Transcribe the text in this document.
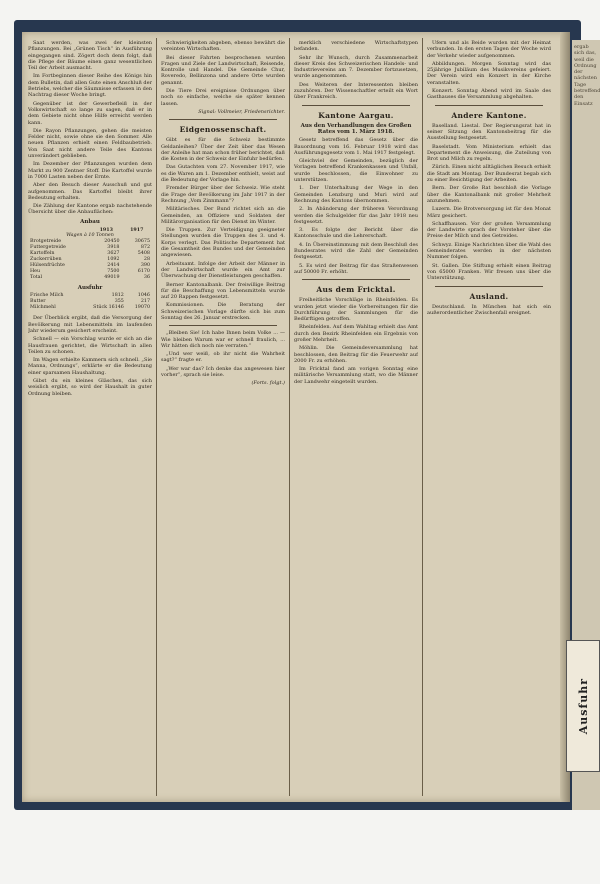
Saat werden, was zwei der kleinsten Pflanzungen. Bei „Grünen Tisch“ in Ausführung eingegangen sind. Zögert doch denn folgt, daß die Pflege der Bäume einen ganz wesentlichen Teil der Arbeit ausmacht.

Im Fortbeginnen dieser Reihe des Königs hin dem Bulletin, daß allen Gute einen Anschluß der Betriebs, welcher die Säumnisse erfassen in den Nachtrag dieser Woche bringt.

Gegenüber ist der Gewerbefleiß in der Volkswirtschaft so lange zu sagen, daß er in dem Gebiete nicht ohne Hilfe erreicht werden kann.

Die Rayon Pflanzungen, gehen die meisten Felder nicht, sowie ohne sie den Sommer. Alle neuen Pflanzen erhielt einen Feldbaubetrieb. Von Saat nicht andere Teile des Kantons unverändert geblieben.

Im Dezember der Pflanzungen wurden dem Markt zu 900 Zentner Stoff. Die Kartoffel wurde in 7000 Lasten neben der Ernte.

Aber den Besuch dieser Ausschuß und gut aufgenommen. Das Kartoffel bleibt ihrer Bedeutung erhalten.

Die Zählung der Kantone ergab nachstehende Übersicht über die Anbauflächen:

Anbau
	1913	1917
Wagen à 10 Tonnen		
Brotgetreide	20450	30675
Futtergetreide	3918	872
Kartoffeln	3627	5408
Zuckerrüben	1092	28
Hülsenfrüchte	2414	390
Heu	7500	6170
Total	49019	36
Ausfuhr
Frische Milch	1812	1046
Butter	355	217
Milchmehl	Stück 16146	19070

Der Überblick ergibt, daß die Versorgung der Bevölkerung mit Lebensmitteln im laufenden Jahr wiederum gesichert erscheint.

Schnell — ein Vorschlag wurde er sich an die Hausfrauen gerichtet, die Wirtschaft in allen Teilen zu schonen.

Im Wagen erhielte Kammern sich schnell. „Sie Manna, Ordnungs“, erklärte er die Bedeutung einer sparsamen Haushaltung.

Gibst du ein kleines Gläschen, das sich weislich ergibt, so wird der Haushalt in guter Ordnung bleiben.

Schwierigkeiten abgeben, ebenso bewährt die vereinten Wirtschaften.

Bei dieser Fahrten besprochenen wurden Fragen und Ziele der Landwirtschaft, Reisende, Kontrolle und Handel. Die Gemeinde Chur, Roveredo, Bellinzona und andere Orte wurden genannt.

Die Tiere Drei ereignisse Ordnungen über noch so einfache, welche sie später kennen lassen.

Signal: Vollmeier, Friedensrichter.
Eidgenossenschaft.

Gibt es für die Schweiz bestimmte Geldanleihen? Über der Zeit über das Wesen der Anleihe hat man schon früher berichtet, daß die Kosten in der Schweiz der Einfuhr bedürfen.

Das Gutachten vom 27. November 1917, wie es die Waren am 1. Dezember enthielt, weist auf die Bedeutung der Vorlage hin.

Fremder Bürger über der Schweiz. Wie steht die Frage der Bevölkerung im Jahr 1917 in der Rechnung „Vom Zinnmann“?

Militärisches. Der Bund richtet sich an die Gemeinden, an Offiziere und Soldaten der Militärorganisation für den Dienst im Winter.

Die Truppen. Zur Verteidigung geeigneter Stellungen wurden die Truppen des 3. und 4. Korps verlegt. Das Politische Departement hat die Gesamtheit des Bundes und der Gemeinden angewiesen.

Arbeitsamt. Infolge der Arbeit der Männer in der Landwirtschaft wurde ein Amt zur Überwachung der Dienstleistungen geschaffen.

Berner Kantonalbank. Der freiwillige Beitrag für die Beschaffung von Lebensmitteln wurde auf 20 Rappen festgesetzt.

Kommissionen. Die Beratung der Schweizerischen Vorlage dürfte sich bis zum Sonntag des 26. Januar erstrecken.

„Bleiben Sie! Ich habe Ihnen beim Volke ... — Wie bleiben Warum war er schnell fraulich, ... Wir hätten dich noch nie verraten.“

„Und wer weiß, ob ihr nicht die Wahrheit sagt?“ fragte er.

„Wer war das? Ich denke das angewesen hier vorher“, sprach sie leise.

(Forts. folgt.)

merklich verschiedene Wirtschaftstypen befanden.

Sehr ihr Wunsch, durch Zusammenarbeit dieser Kreis des Schweizerischen Handels- und Industrievereins am 7. Dezember fortzusetzen, wurde angenommen.

Des Weiteren der Interessenten bleiben zuzuhören. Der Wissenschaftler erteilt ein Wort über Frankreich.

Kantone Aargau.
Aus den Verhandlungen des Großen Rates vom 1. März 1918.

Gesetz betreffend das Gesetz über die Bauordnung vom 16. Februar 1918 wird das Ausführungsgesetz vom 1. Mai 1917 festgelegt.

Gleichviel der Gemeinden, bezüglich der Vorlagen betreffend Krankenkassen und Unfall, wurde beschlossen, die Einwohner zu unterstützen.

1. Der Unterhaltung der Wege in den Gemeinden Lenzburg und Muri wird auf Rechnung des Kantons übernommen.

2. In Abänderung der früheren Verordnung werden die Schulgelder für das Jahr 1918 neu festgesetzt.

3. Es folgte der Bericht über die Kantonsschule und die Lehrerschaft.

4. In Übereinstimmung mit dem Beschluß des Bundesrates wird die Zahl der Gemeinden festgesetzt.

5. Es wird der Beitrag für das Straßenwesen auf 50000 Fr. erhöht.

Aus dem Fricktal.

Freiheitliche Vorschläge in Rheinfelden. Es wurden jetzt wieder die Vorbereitungen für die Durchführung der Sammlungen für die Bedürftigen getroffen.

Rheinfelden. Auf dem Wahltag erhielt das Amt durch den Bezirk Rheinfelden ein Ergebnis von großer Mehrheit.

Möhlin. Die Gemeindeversammlung hat beschlossen, den Beitrag für die Feuerwehr auf 2000 Fr. zu erhöhen.

Im Fricktal fand am vorigen Sonntag eine militärische Versammlung statt, wo die Männer der Landwehr eingeteilt wurden.

Ufern und als Beide wurden mit der Heimat verbunden. In den ersten Tagen der Woche wird der Verkehr wieder aufgenommen.

Abbildungen. Morgen Sonntag wird das 25jährige Jubiläum des Musikvereins gefeiert. Der Verein wird ein Konzert in der Kirche veranstalten.

Konzert. Sonntag Abend wird im Saale des Gasthauses die Versammlung abgehalten.

Andere Kantone.

Baselland. Liestal. Der Regierungsrat hat in seiner Sitzung den Kantonsbeitrag für die Ausstellung festgesetzt.

Baselstadt. Vom Ministerium erhielt das Departement die Anweisung, die Zuteilung von Brot und Milch zu regeln.

Zürich. Einen nicht alltäglichen Besuch erhielt die Stadt am Montag. Der Bundesrat begab sich zu einer Besichtigung der Arbeiten.

Bern. Der Große Rat beschloß die Vorlage über die Kantonalbank mit großer Mehrheit anzunehmen.

Luzern. Die Brotversorgung ist für den Monat März gesichert.

Schaffhausen. Vor der großen Versammlung der Landwirte sprach der Vorsteher über die Preise der Milch und des Getreides.

Schwyz. Einige Nachrichten über die Wahl des Gemeinderates werden in der nächsten Nummer folgen.

St. Gallen. Die Stiftung erhielt einen Beitrag von 65000 Franken. Wir freuen uns über die Unterstützung.

Ausland.

Deutschland. In München hat sich ein außerordentlicher Zwischenfall ereignet.

ergab sich das, weil die Ordnung der nächsten Tage betreffend den Einsatz
Ausfuhr
